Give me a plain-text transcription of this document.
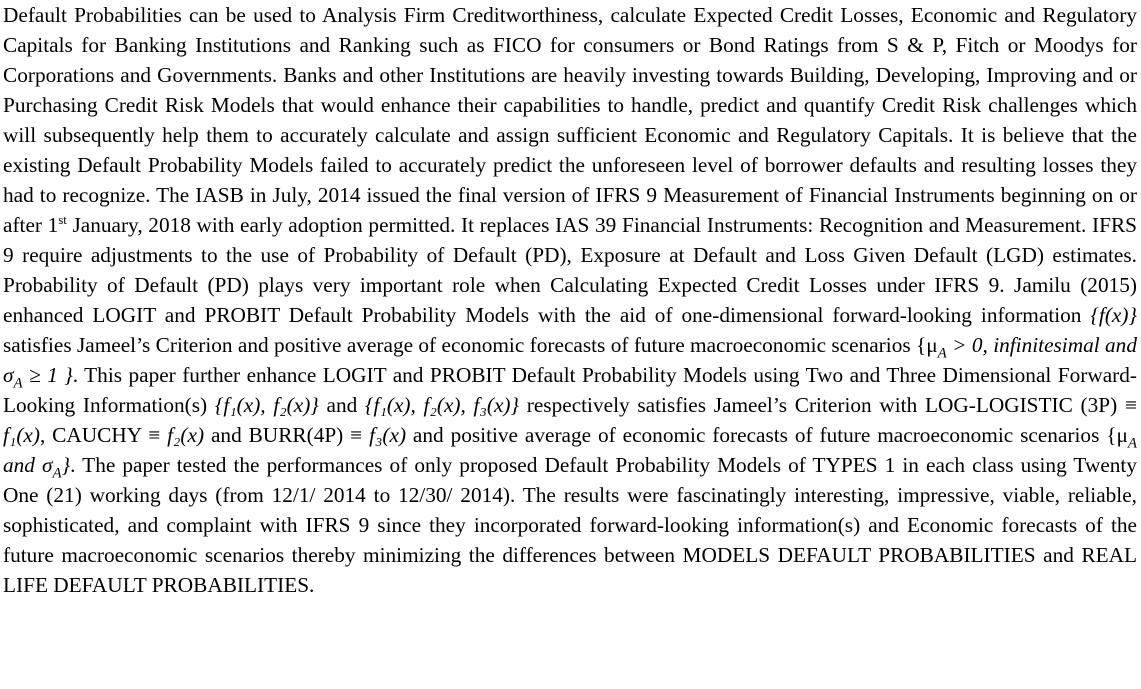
Default Probabilities can be used to Analysis Firm Creditworthiness, calculate Expected Credit Losses, Economic and Regulatory Capitals for Banking Institutions and Ranking such as FICO for consumers or Bond Ratings from S & P, Fitch or Moodys for Corporations and Governments. Banks and other Institutions are heavily investing towards Building, Developing, Improving and or Purchasing Credit Risk Models that would enhance their capabilities to handle, predict and quantify Credit Risk challenges which will subsequently help them to accurately calculate and assign sufficient Economic and Regulatory Capitals. It is believe that the existing Default Probability Models failed to accurately predict the unforeseen level of borrower defaults and resulting losses they had to recognize. The IASB in July, 2014 issued the final version of IFRS 9 Measurement of Financial Instruments beginning on or after 1st January, 2018 with early adoption permitted. It replaces IAS 39 Financial Instruments: Recognition and Measurement. IFRS 9 require adjustments to the use of Probability of Default (PD), Exposure at Default and Loss Given Default (LGD) estimates. Probability of Default (PD) plays very important role when Calculating Expected Credit Losses under IFRS 9. Jamilu (2015) enhanced LOGIT and PROBIT Default Probability Models with the aid of one-dimensional forward-looking information {f(x)} satisfies Jameel’s Criterion and positive average of economic forecasts of future macroeconomic scenarios {$\mu_A > 0$, infinitesimal and $\sigma_A \ge 1$ }. This paper further enhance LOGIT and PROBIT Default Probability Models using Two and Three Dimensional Forward-Looking Information(s) {f₁(x), f₂(x)} and {f₁(x), f₂(x), f₃(x)} respectively satisfies Jameel’s Criterion with LOG-LOGISTIC (3P) ≡ f₁(x), CAUCHY ≡ f₂(x) and BURR(4P) ≡ f₃(x) and positive average of economic forecasts of future macroeconomic scenarios {$\mu_A$ and $\sigma_A$}. The paper tested the performances of only proposed Default Probability Models of TYPES 1 in each class using Twenty One (21) working days (from 12/1/ 2014 to 12/30/ 2014). The results were fascinatingly interesting, impressive, viable, reliable, sophisticated, and complaint with IFRS 9 since they incorporated forward-looking information(s) and Economic forecasts of the future macroeconomic scenarios thereby minimizing the differences between MODELS DEFAULT PROBABILITIES and REAL LIFE DEFAULT PROBABILITIES.
